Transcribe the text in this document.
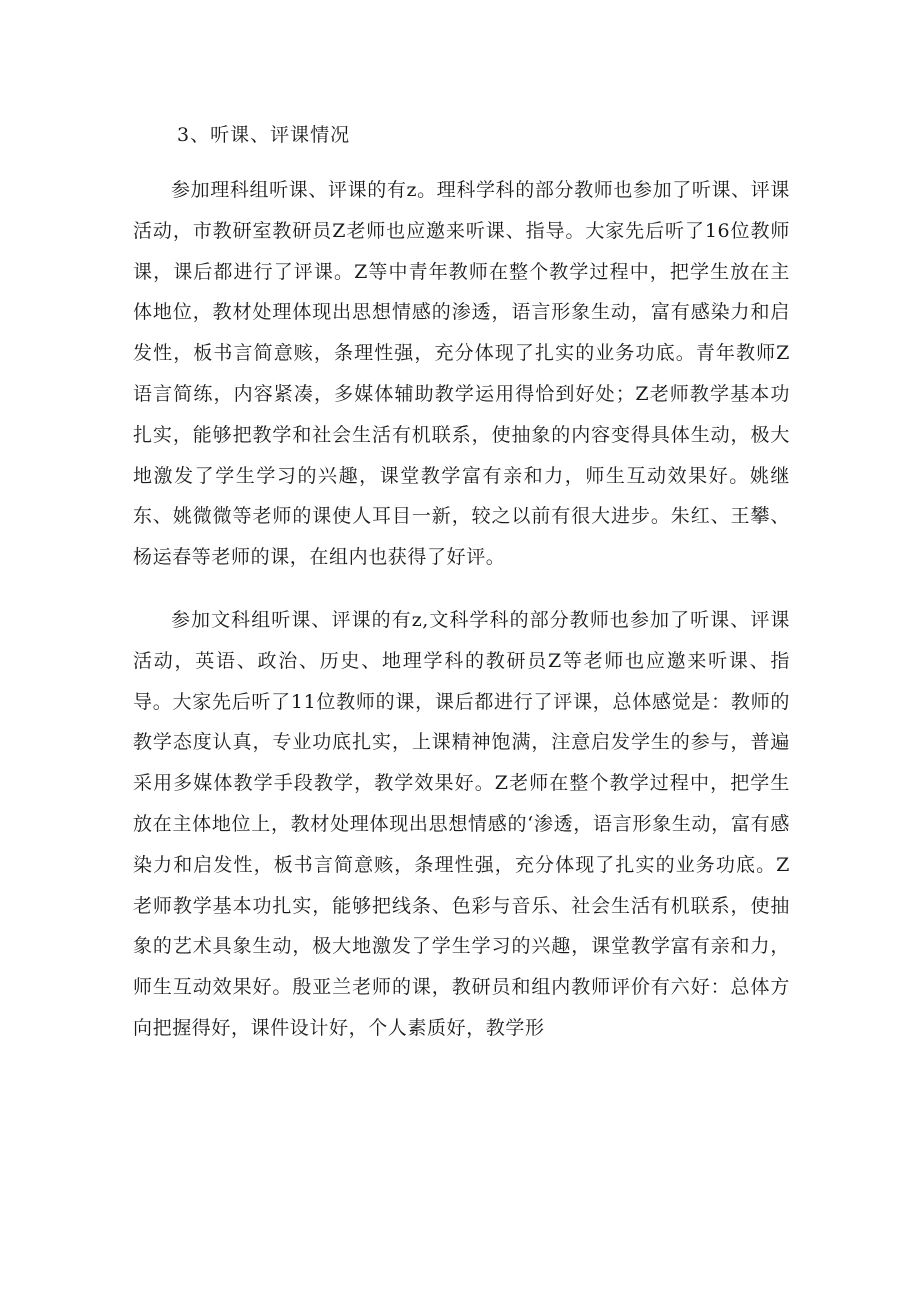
3、听课、评课情况

参加理科组听课、评课的有z。理科学科的部分教师也参加了听课、评课活动，市教研室教研员Z老师也应邀来听课、指导。大家先后听了16位教师课，课后都进行了评课。Z等中青年教师在整个教学过程中，把学生放在主体地位，教材处理体现出思想情感的渗透，语言形象生动，富有感染力和启发性，板书言简意赅，条理性强，充分体现了扎实的业务功底。青年教师Z语言简练，内容紧凑，多媒体辅助教学运用得恰到好处；Z老师教学基本功扎实，能够把教学和社会生活有机联系，使抽象的内容变得具体生动，极大地激发了学生学习的兴趣，课堂教学富有亲和力，师生互动效果好。姚继东、姚微微等老师的课使人耳目一新，较之以前有很大进步。朱红、王攀、杨运春等老师的课，在组内也获得了好评。

参加文科组听课、评课的有z,文科学科的部分教师也参加了听课、评课活动，英语、政治、历史、地理学科的教研员Z等老师也应邀来听课、指导。大家先后听了11位教师的课，课后都进行了评课，总体感觉是：教师的教学态度认真，专业功底扎实，上课精神饱满，注意启发学生的参与，普遍采用多媒体教学手段教学，教学效果好。Z老师在整个教学过程中，把学生放在主体地位上，教材处理体现出思想情感的‘渗透，语言形象生动，富有感染力和启发性，板书言简意赅，条理性强，充分体现了扎实的业务功底。Z老师教学基本功扎实，能够把线条、色彩与音乐、社会生活有机联系，使抽象的艺术具象生动，极大地激发了学生学习的兴趣，课堂教学富有亲和力，师生互动效果好。殷亚兰老师的课，教研员和组内教师评价有六好：总体方向把握得好，课件设计好，个人素质好，教学形
